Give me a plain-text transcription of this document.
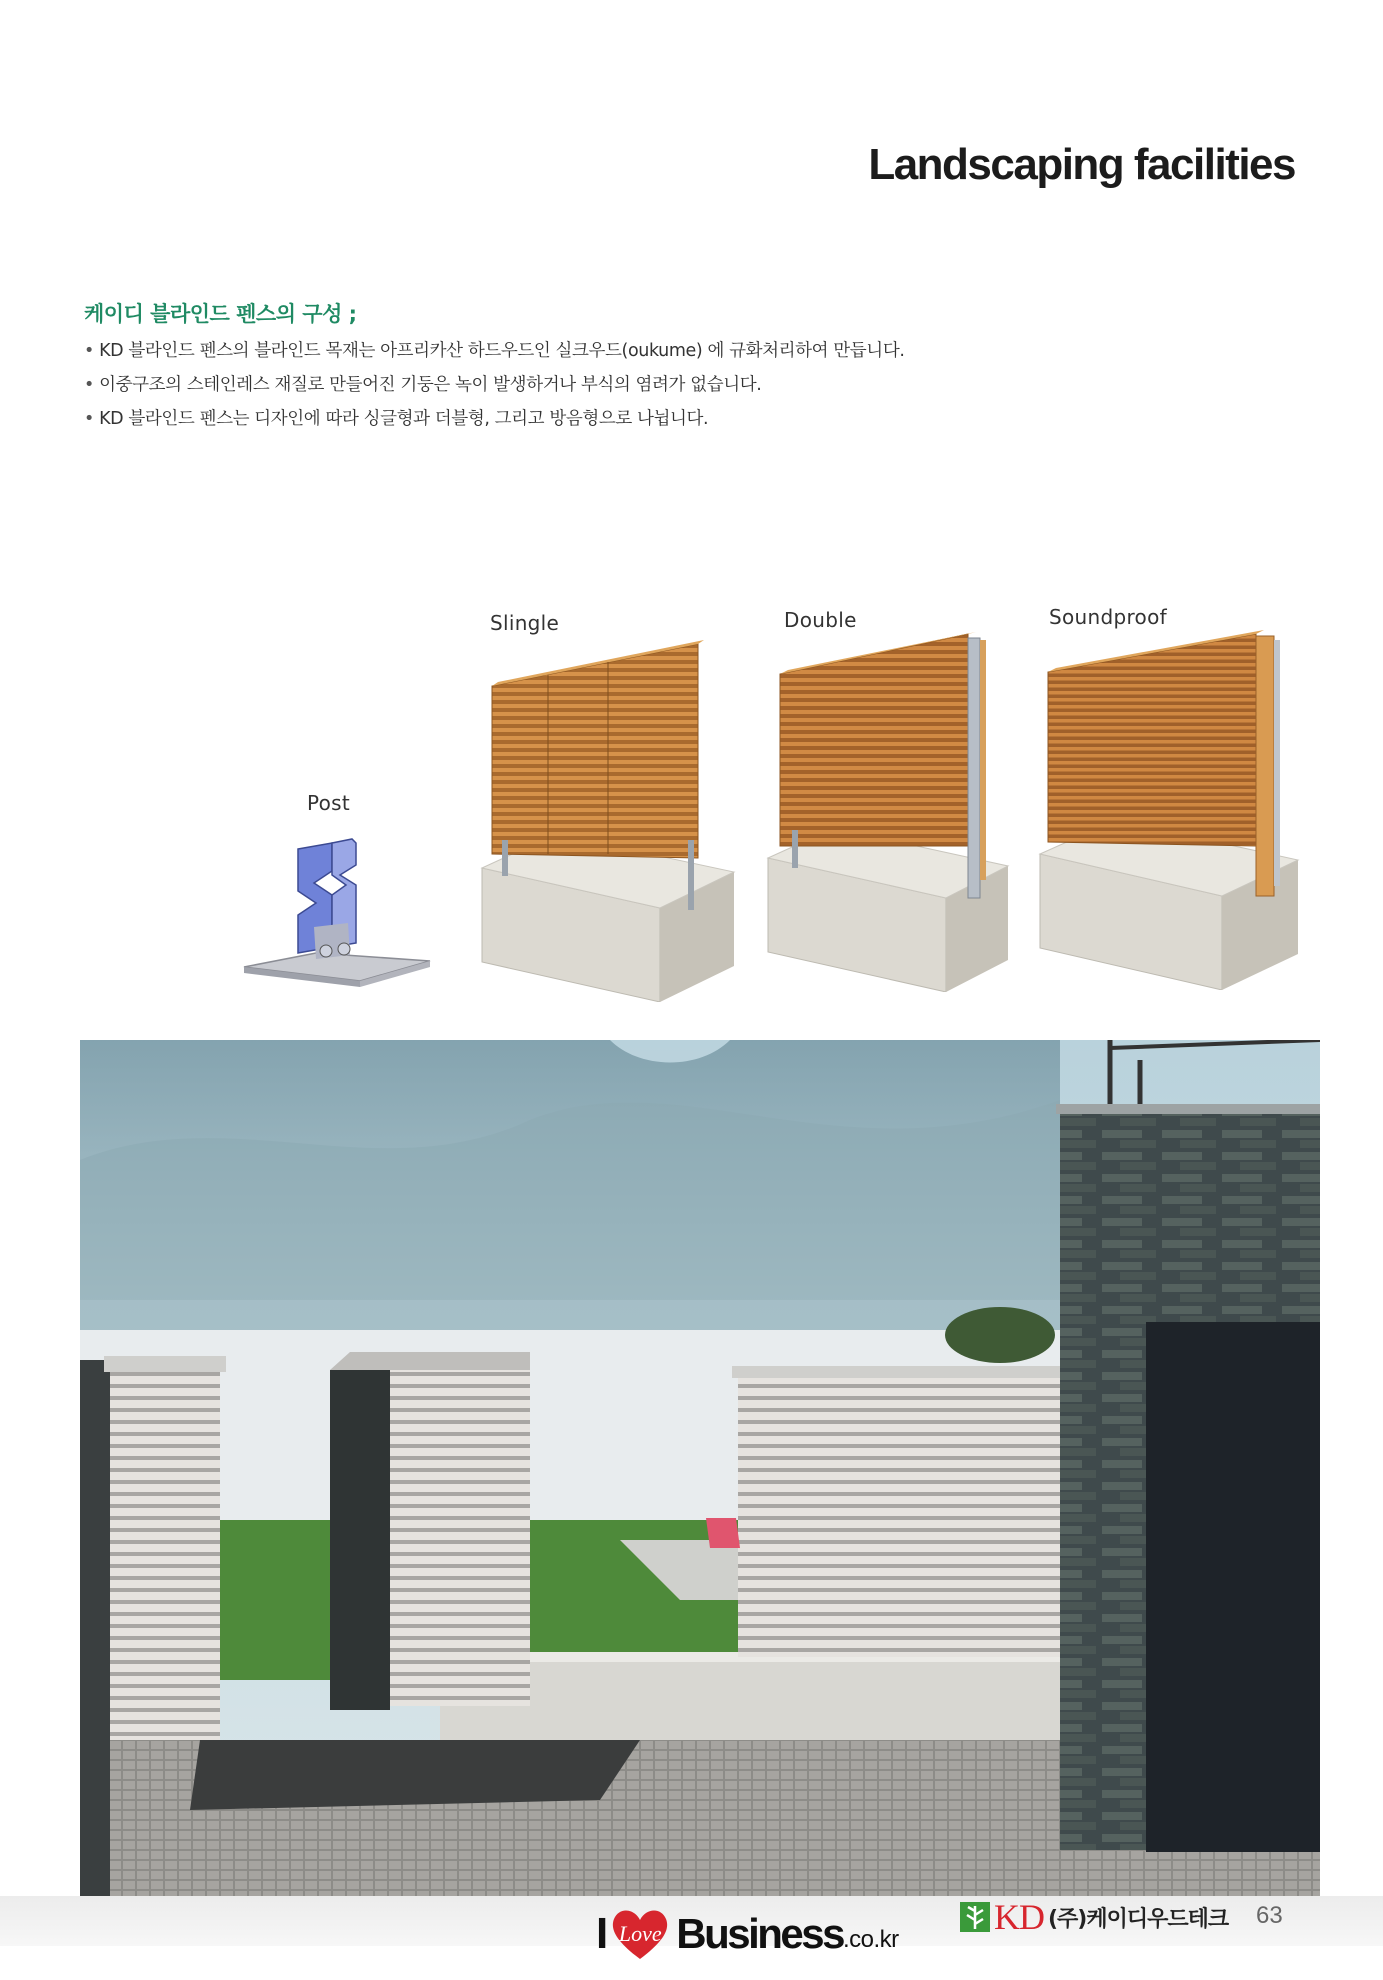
Landscaping facilities
케이디 블라인드 펜스의 구성 ;
• KD 블라인드 펜스의 블라인드 목재는 아프리카산 하드우드인 실크우드(oukume) 에 규화처리하여 만듭니다.
• 이중구조의 스테인레스 재질로 만들어진 기둥은 녹이 발생하거나 부식의 염려가 없습니다.
• KD 블라인드 펜스는 디자인에 따라 싱글형과 더블형, 그리고 방음형으로 나뉩니다.
Slingle	Double	Soundproof
Post
I Love Business .co.kr
KD (주)케이디우드테크 63
